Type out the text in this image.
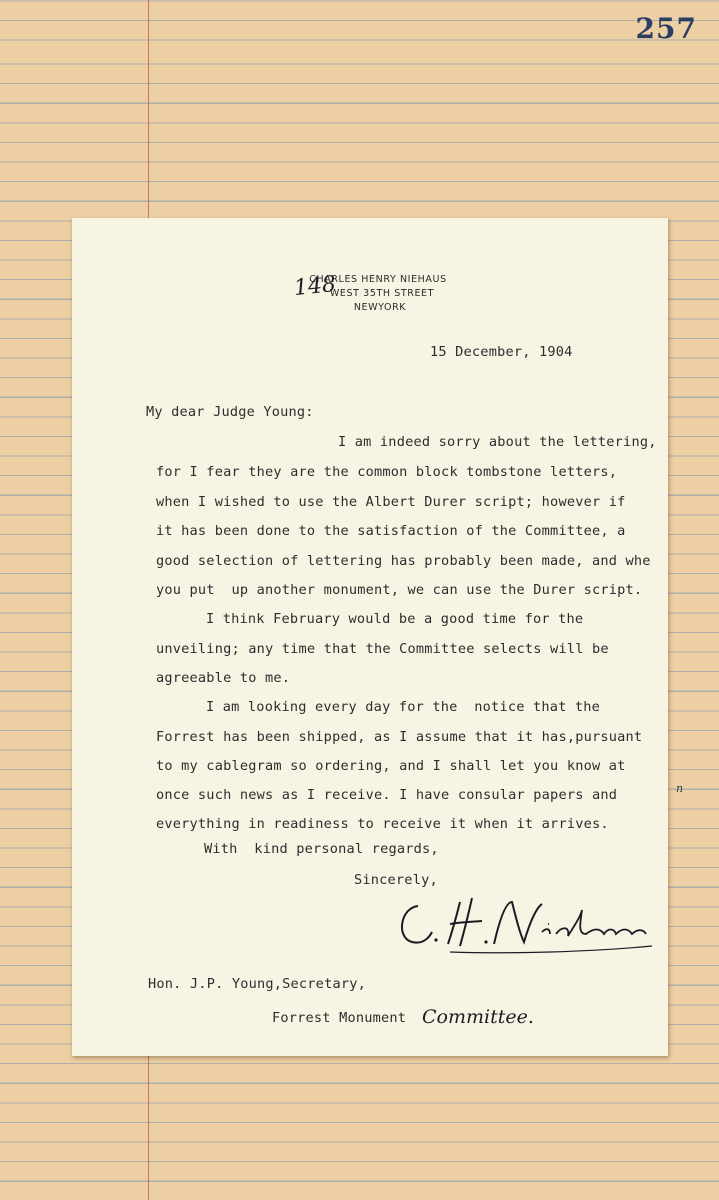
257
CHARLES HENRY NIEHAUS
WEST 35TH STREET
NEWYORK
148
15 December, 1904
My dear Judge Young:
I am indeed sorry about the lettering,
for I fear they are the common block tombstone letters,
when I wished to use the Albert Durer script; however if
it has been done to the satisfaction of the Committee, a
good selection of lettering has probably been made, and whe
you put  up another monument, we can use the Durer script.
I think February would be a good time for the
unveiling; any time that the Committee selects will be
agreeable to me.
I am looking every day for the  notice that the
Forrest has been shipped, as I assume that it has,pursuant
to my cablegram so ordering, and I shall let you know at
once such news as I receive. I have consular papers and
everything in readiness to receive it when it arrives.
With  kind personal regards,
n
Sincerely,
C. H. Niehaus
Hon. J.P. Young,Secretary,
Forrest Monument Committee.
